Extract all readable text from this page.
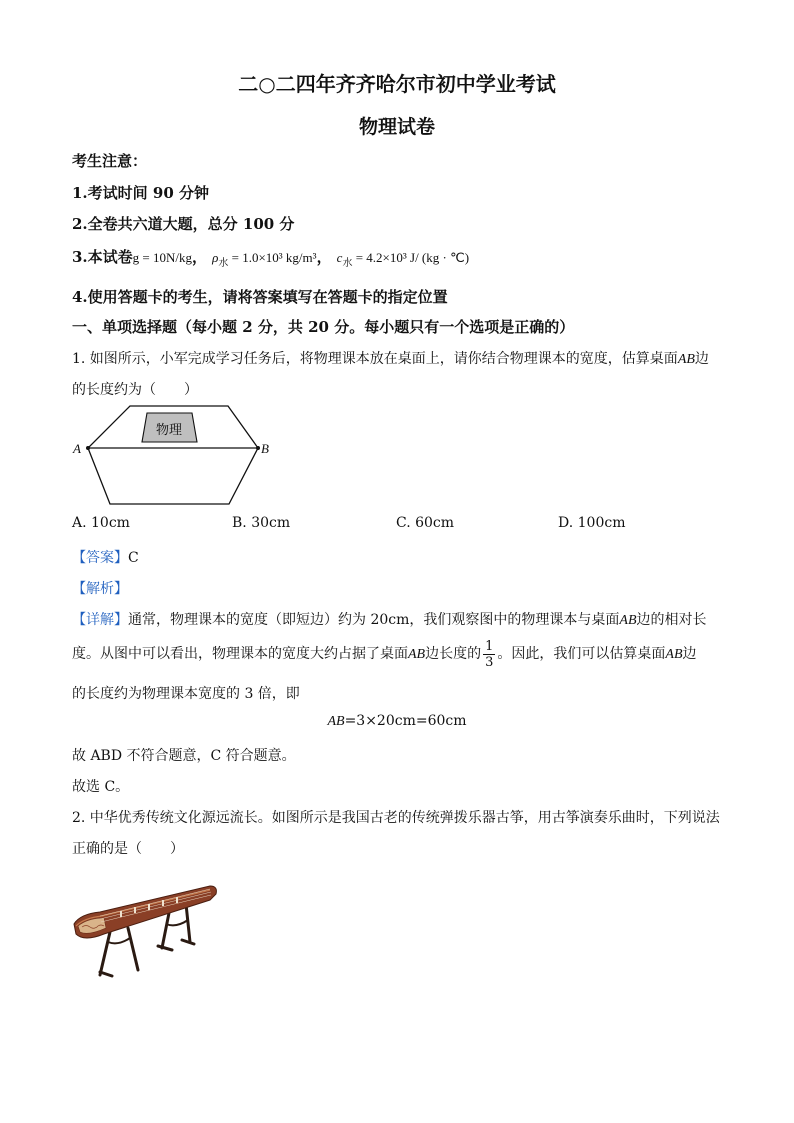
二○二四年齐齐哈尔市初中学业考试
物理试卷
考生注意：
1.考试时间 90 分钟
2.全卷共六道大题，总分 100 分
3.本试卷g = 10N/kg， $\rho_水 = 1.0\times 10^3$ kg/m³， $c_水 = 4.2\times 10^3$ J/ (kg · ℃)
4.使用答题卡的考生，请将答案填写在答题卡的指定位置
一、单项选择题（每小题 2 分，共 20 分。每小题只有一个选项是正确的）
1. 如图所示，小军完成学习任务后，将物理课本放在桌面上，请你结合物理课本的宽度，估算桌面AB边
的长度约为（　　）
物理
A	B
A. 10cm	B. 30cm	C. 60cm	D. 100cm
【答案】C
【解析】
【详解】通常，物理课本的宽度（即短边）约为 20cm，我们观察图中的物理课本与桌面AB边的相对长
度。从图中可以看出，物理课本的宽度大约占据了桌面AB边长度的 $\frac{1}{3}$ 。因此，我们可以估算桌面AB边
的长度约为物理课本宽度的 3 倍，即
AB=3×20cm=60cm
故 ABD 不符合题意，C 符合题意。
故选 C。
2. 中华优秀传统文化源远流长。如图所示是我国古老的传统弹拨乐器古筝，用古筝演奏乐曲时，下列说法
正确的是（　　）
